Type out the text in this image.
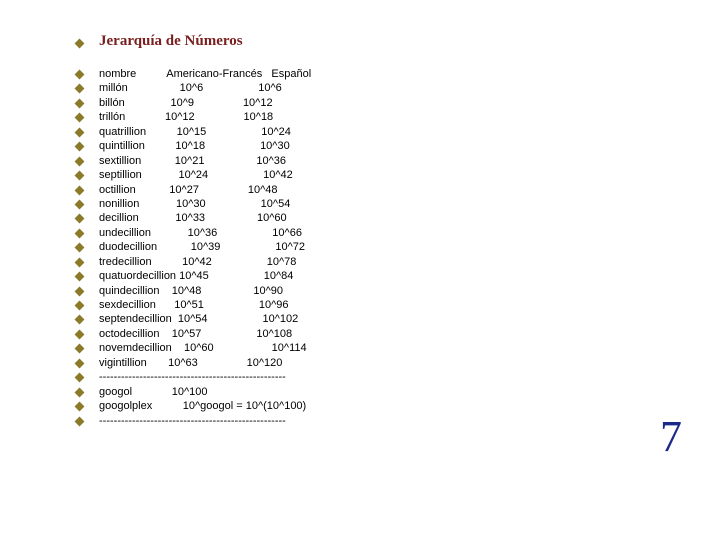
Jerarquía de Números
nombre          Americano-Francés   Español
millón                 10^6                  10^6
billón               10^9                10^12
trillón             10^12                10^18
quatrillion          10^15                  10^24
quintillion          10^18                  10^30
sextillion           10^21                 10^36
septillion            10^24                  10^42
octillion           10^27                10^48
nonillion            10^30                  10^54
decillion            10^33                 10^60
undecillion            10^36                  10^66
duodecillion           10^39                  10^72
tredecillion          10^42                  10^78
quatuordecillion 10^45                  10^84
quindecillion    10^48                 10^90
sexdecillion      10^51                  10^96
septendecillion  10^54                  10^102
octodecillion    10^57                  10^108
novemdecillion    10^60                   10^114
vigintillion       10^63                10^120
---------------------------------------------------
googol             10^100
googolplex          10^googol = 10^(10^100)
---------------------------------------------------	7
